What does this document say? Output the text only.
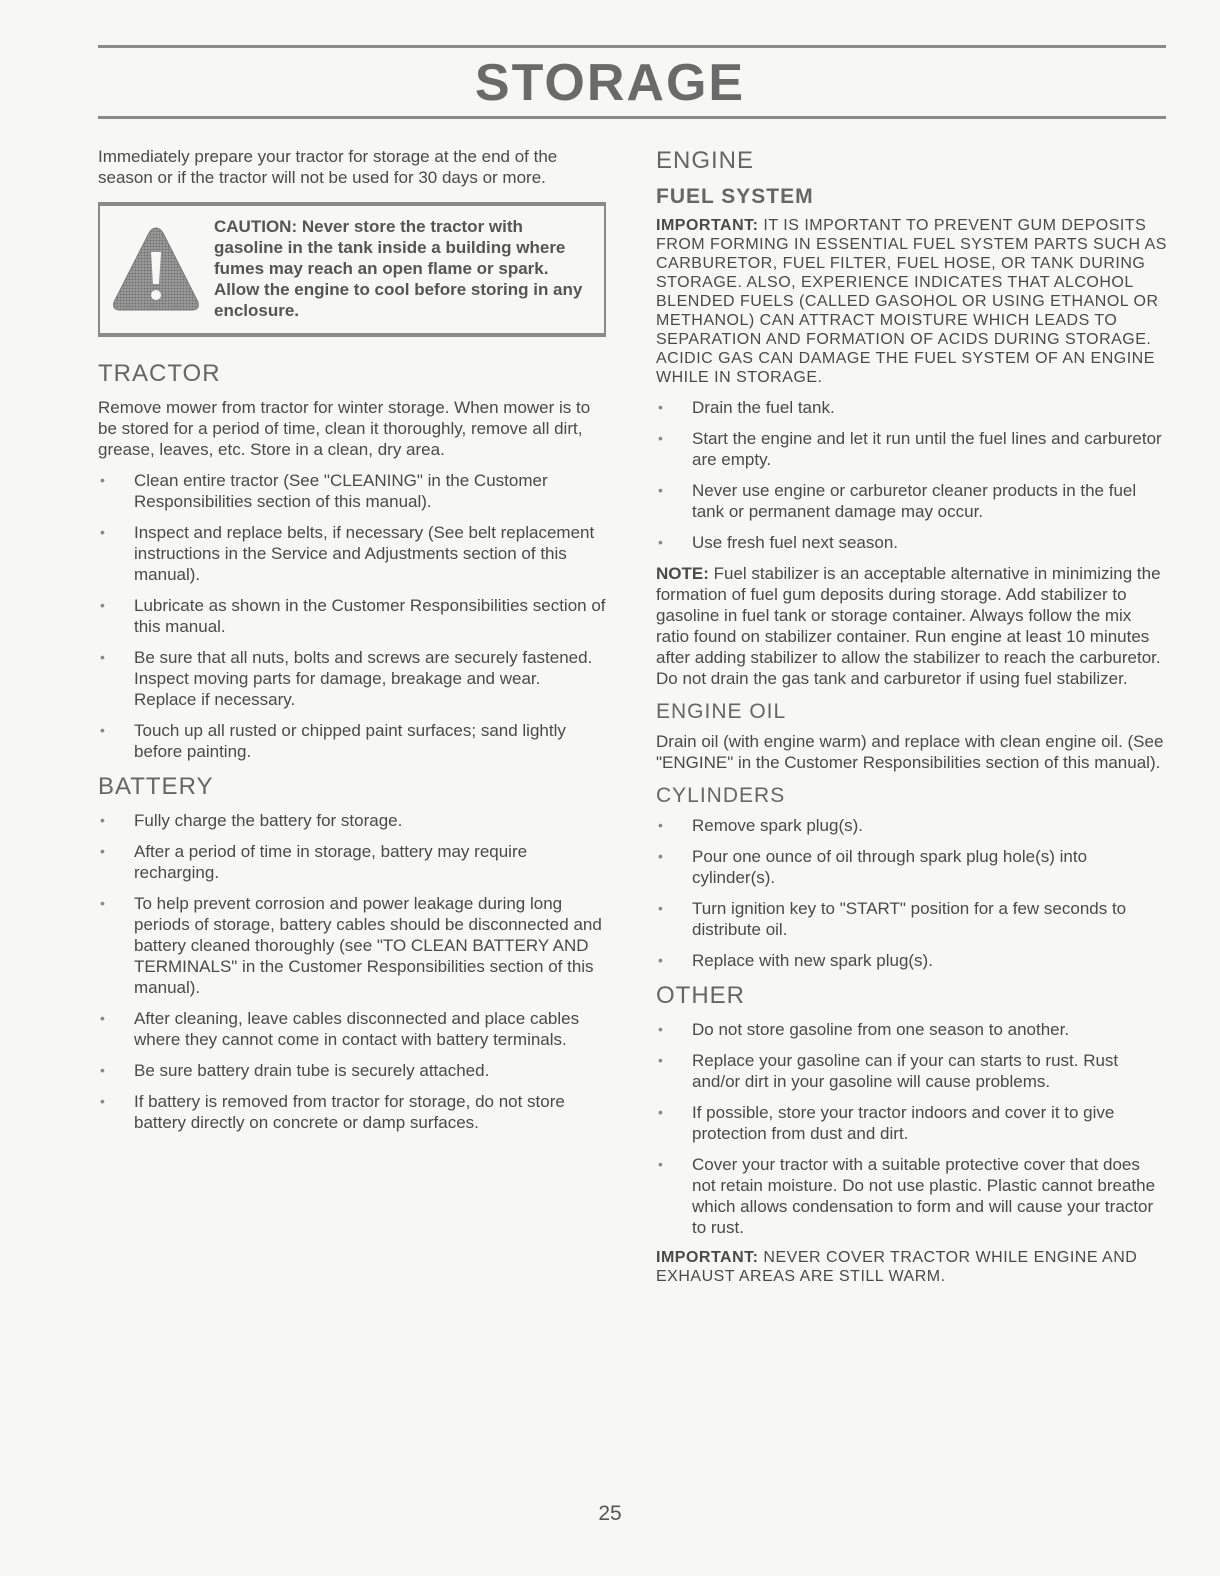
STORAGE

Immediately prepare your tractor for storage at the end of the season or if the tractor will not be used for 30 days or more.

CAUTION: Never store the tractor with gasoline in the tank inside a building where fumes may reach an open flame or spark. Allow the engine to cool before storing in any enclosure.
TRACTOR

Remove mower from tractor for winter storage. When mower is to be stored for a period of time, clean it thoroughly, remove all dirt, grease, leaves, etc. Store in a clean, dry area.

• Clean entire tractor (See "CLEANING" in the Customer Responsibilities section of this manual).
• Inspect and replace belts, if necessary (See belt replacement instructions in the Service and Adjustments section of this manual).
• Lubricate as shown in the Customer Responsibilities section of this manual.
• Be sure that all nuts, bolts and screws are securely fastened. Inspect moving parts for damage, breakage and wear. Replace if necessary.
• Touch up all rusted or chipped paint surfaces; sand lightly before painting.
BATTERY
• Fully charge the battery for storage.
• After a period of time in storage, battery may require recharging.
• To help prevent corrosion and power leakage during long periods of storage, battery cables should be disconnected and battery cleaned thoroughly (see "TO CLEAN BATTERY AND TERMINALS" in the Customer Responsibilities section of this manual).
• After cleaning, leave cables disconnected and place cables where they cannot come in contact with battery terminals.
• Be sure battery drain tube is securely attached.
• If battery is removed from tractor for storage, do not store battery directly on concrete or damp surfaces.
ENGINE
FUEL SYSTEM

IMPORTANT: IT IS IMPORTANT TO PREVENT GUM DEPOSITS FROM FORMING IN ESSENTIAL FUEL SYSTEM PARTS SUCH AS CARBURETOR, FUEL FILTER, FUEL HOSE, OR TANK DURING STORAGE. ALSO, EXPERIENCE INDICATES THAT ALCOHOL BLENDED FUELS (CALLED GASOHOL OR USING ETHANOL OR METHANOL) CAN ATTRACT MOISTURE WHICH LEADS TO SEPARATION AND FORMATION OF ACIDS DURING STORAGE. ACIDIC GAS CAN DAMAGE THE FUEL SYSTEM OF AN ENGINE WHILE IN STORAGE.

• Drain the fuel tank.
• Start the engine and let it run until the fuel lines and carburetor are empty.
• Never use engine or carburetor cleaner products in the fuel tank or permanent damage may occur.
• Use fresh fuel next season.

NOTE: Fuel stabilizer is an acceptable alternative in minimizing the formation of fuel gum deposits during storage. Add stabilizer to gasoline in fuel tank or storage container. Always follow the mix ratio found on stabilizer container. Run engine at least 10 minutes after adding stabilizer to allow the stabilizer to reach the carburetor. Do not drain the gas tank and carburetor if using fuel stabilizer.

ENGINE OIL

Drain oil (with engine warm) and replace with clean engine oil. (See "ENGINE" in the Customer Responsibilities section of this manual).

CYLINDERS
• Remove spark plug(s).
• Pour one ounce of oil through spark plug hole(s) into cylinder(s).
• Turn ignition key to "START" position for a few seconds to distribute oil.
• Replace with new spark plug(s).
OTHER
• Do not store gasoline from one season to another.
• Replace your gasoline can if your can starts to rust. Rust and/or dirt in your gasoline will cause problems.
• If possible, store your tractor indoors and cover it to give protection from dust and dirt.
• Cover your tractor with a suitable protective cover that does not retain moisture. Do not use plastic. Plastic cannot breathe which allows condensation to form and will cause your tractor to rust.

IMPORTANT: NEVER COVER TRACTOR WHILE ENGINE AND EXHAUST AREAS ARE STILL WARM.

25
